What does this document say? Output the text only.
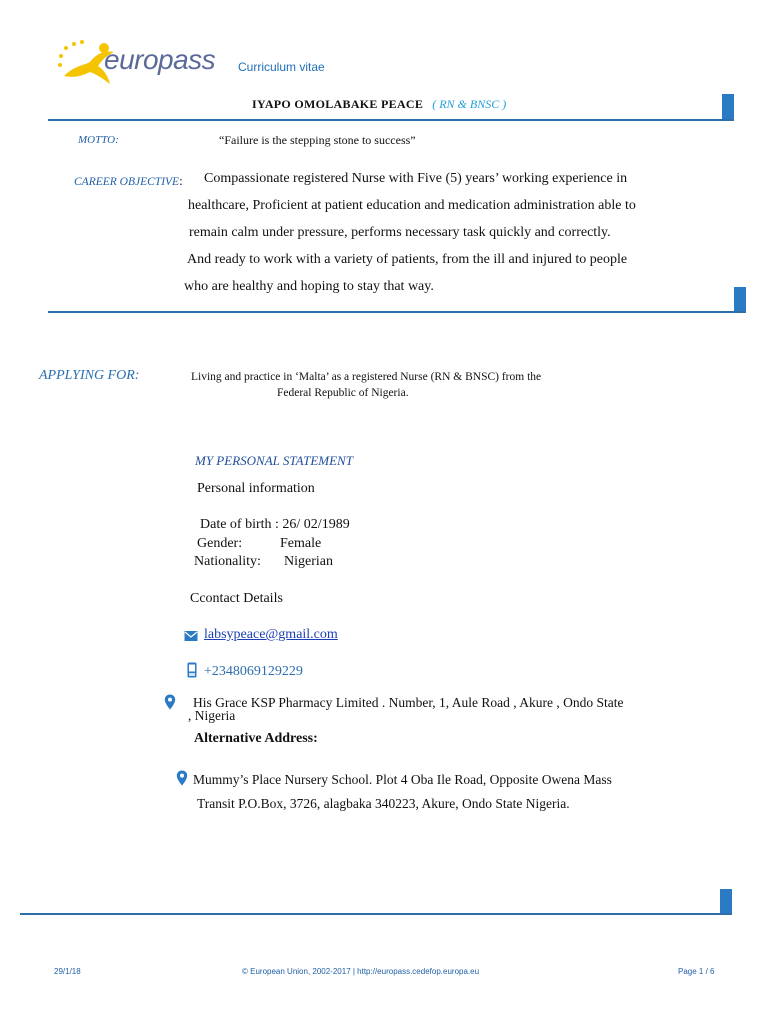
europass Curriculum vitae
IYAPO OMOLABAKE PEACE ( RN & BNSC )
MOTTO:	“Failure is the stepping stone to success”
CAREER OBJECTIVE: Compassionate registered Nurse with Five (5) years’ working experience in
healthcare, Proficient at patient education and medication administration able to
remain calm under pressure, performs necessary task quickly and correctly.
And ready to work with a variety of patients, from the ill and injured to people
who are healthy and hoping to stay that way.
APPLYING FOR:	Living and practice in ‘Malta’ as a registered Nurse (RN & BNSC) from the
Federal Republic of Nigeria.
MY PERSONAL STATEMENT
Personal information
Date of birth : 26/ 02/1989
Gender:	Female
Nationality: Nigerian
Ccontact Details
labsypeace@gmail.com
+2348069129229
His Grace KSP Pharmacy Limited . Number, 1, Aule Road , Akure , Ondo State
, Nigeria
Alternative Address:
Mummy’s Place Nursery School. Plot 4 Oba Ile Road, Opposite Owena Mass
Transit P.O.Box, 3726, alagbaka 340223, Akure, Ondo State Nigeria.
29/1/18	© European Union, 2002-2017 | http://europass.cedefop.europa.eu	Page 1 / 6
